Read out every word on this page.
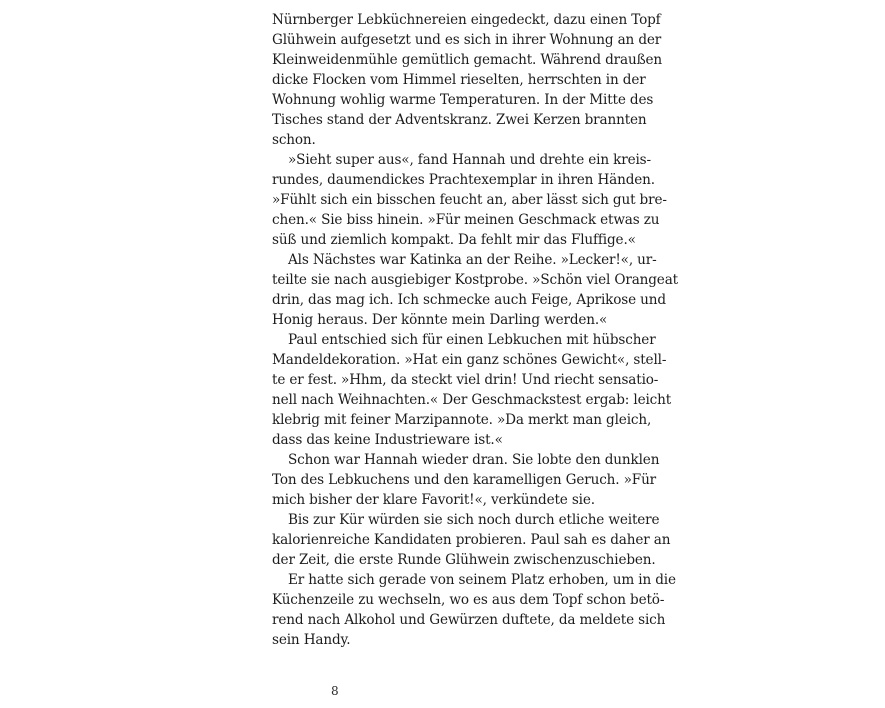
Nürnberger Lebküchnereien eingedeckt, dazu einen Topf
Glühwein aufgesetzt und es sich in ihrer Wohnung an der
Kleinweidenmühle gemütlich gemacht. Während draußen
dicke Flocken vom Himmel rieselten, herrschten in der
Wohnung wohlig warme Temperaturen. In der Mitte des
Tisches stand der Adventskranz. Zwei Kerzen brannten
schon.
»Sieht super aus«, fand Hannah und drehte ein kreis-
rundes, daumendickes Prachtexemplar in ihren Händen.
»Fühlt sich ein bisschen feucht an, aber lässt sich gut bre-
chen.« Sie biss hinein. »Für meinen Geschmack etwas zu
süß und ziemlich kompakt. Da fehlt mir das Fluffige.«
Als Nächstes war Katinka an der Reihe. »Lecker!«, ur-
teilte sie nach ausgiebiger Kostprobe. »Schön viel Orangeat
drin, das mag ich. Ich schmecke auch Feige, Aprikose und
Honig heraus. Der könnte mein Darling werden.«
Paul entschied sich für einen Lebkuchen mit hübscher
Mandeldekoration. »Hat ein ganz schönes Gewicht«, stell-
te er fest. »Hhm, da steckt viel drin! Und riecht sensatio-
nell nach Weihnachten.« Der Geschmackstest ergab: leicht
klebrig mit feiner Marzipannote. »Da merkt man gleich,
dass das keine Industrieware ist.«
Schon war Hannah wieder dran. Sie lobte den dunklen
Ton des Lebkuchens und den karamelligen Geruch. »Für
mich bisher der klare Favorit!«, verkündete sie.
Bis zur Kür würden sie sich noch durch etliche weitere
kalorienreiche Kandidaten probieren. Paul sah es daher an
der Zeit, die erste Runde Glühwein zwischenzuschieben.
Er hatte sich gerade von seinem Platz erhoben, um in die
Küchenzeile zu wechseln, wo es aus dem Topf schon betö-
rend nach Alkohol und Gewürzen duftete, da meldete sich
sein Handy.
8
